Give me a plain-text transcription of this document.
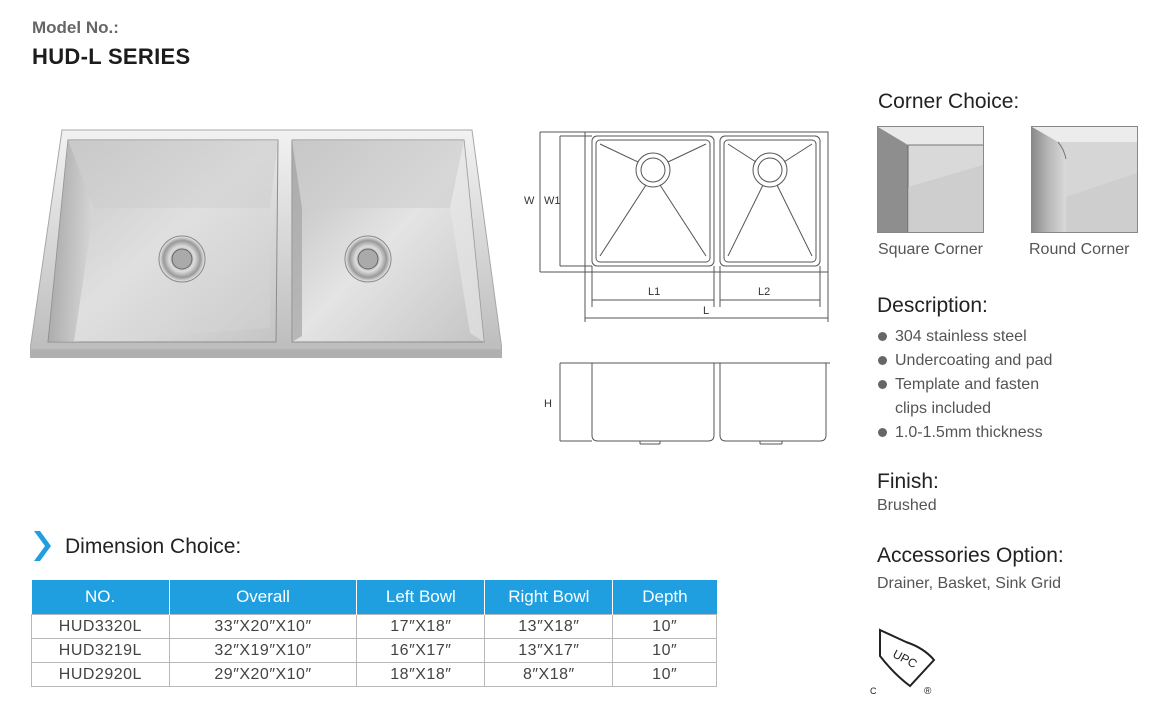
Model No.:
HUD-L SERIES
W W1
L1	L2
L
H
Corner Choice:
Square Corner	Round Corner
Description:
304 stainless steel
Undercoating and pad
Template and fasten clips included
1.0-1.5mm thickness
Finish:
Brushed
Accessories Option:
Drainer, Basket, Sink Grid
UPC
C	®
Dimension Choice:
NO.	Overall	Left Bowl	Right Bowl	Depth
HUD3320L	33″X20″X10″	17″X18″	13″X18″	10″
HUD3219L	32″X19″X10″	16″X17″	13″X17″	10″
HUD2920L	29″X20″X10″	18″X18″	8″X18″	10″
